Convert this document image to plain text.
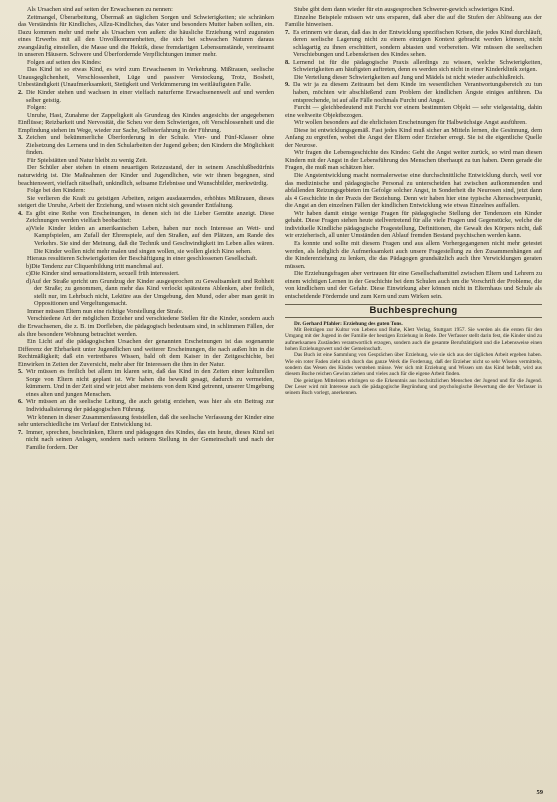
Als Ursachen sind auf seiten der Erwachsenen zu nennen:

Zeitmangel, Überarbeitung, Übermaß an täglichen Sorgen und Schwierigkeiten; sie schränken das Verständnis für Kindliches, Allzu-Kindliches, das Vater und besonders Mutter haben sollten, ein. Dazu kommen mehr und mehr als Ursachen von außen: die häusliche Erziehung wird zugunsten eines Erwerbs mit all den Unvollkommenheiten, die sich bei schwachen Naturen daraus zwangsläufig einstellen, die Masse und die Hektik, diese fremdartigen Lebensumstände, vereinsamt in unseren Häusern. Schwere und Überfordernde Verpflichtungen immer mehr.

Folgen auf seiten des Kindes:

Das Kind ist so etwas Kind, es wird zum Erwachsenen in Verkehrung. Mißtrauen, seelische Unausgeglichenheit, Verschlossenheit, Lüge und passiver Verstockung, Trotz, Bosheit, Unbeständigkeit (Unaufmerksamkeit, Stetigkeit und Verkümmerung im weitläufigsten Falle.

2. Die Kinder stehen und wachsen in einer vielfach naturferne Erwachsenenwelt auf und werden selber geistig.

Folgen:

Unruhe, Hast, Zunahme der Zappeligkeit als Grundzug des Kindes angesichts der angegebenen Einflüsse; Reizbarkeit und Nervosität, die Scheu vor dem Schwierigen, oft Verschlossenheit und die Empfindung stehen im Wege, wieder zur Sache, Selbsterfahrung in der Führung.

3. Zeichen und bekümmerliche Überforderung in der Schule. Vier- und Fünf-Klasser ohne Zielsetzung des Lernens und in den Schularbeiten der Jugend geben; den Kindern die Möglichkeit finden.

Für Spielstätten und Natur bleibt zu wenig Zeit.

Der Schüler aber stehen in einem neuartigen Reizzustand, der in seinem Anschlußbedürfnis naturwidrig ist. Die Maßnahmen der Kinder und Jugendlichen, wie wir ihnen begegnen, sind beachtenswert, vielfach rätselhaft, unkindlich, seltsame Erlebnisse und Wunschbilder, merkwürdig.

Folge bei den Kindern:

Sie verlieren die Kraft zu geistigen Arbeiten, zeigen ausdauerndes, erhöhtes Mißtrauen, dieses steigert die Unruhe, Arbeit der Erziehung, und wissen nicht sich gesunder Entfaltung.

4. Es gibt eine Reihe von Erscheinungen, in denen sich ist die Lieber Gemüte anzeigt. Diese Zeichnungen werden vielfach beobachtet:

a)Viele Kinder leiden an amerikanischen Leben, haben nur noch Interesse an Wett- und Kampfspielen, am Zufall der Ehrenspiele, auf den Straßen, auf den Plätzen, am Rande des Verkehrs. Sie sind der Meinung, daß die Technik und Geschwindigkeit im Leben alles wären. Die Kinder wollen nicht mehr malen und singen wollen, sie wollen gleich Kino sehen.

Hieraus resultieren Schwierigkeiten der Beschäftigung in einer geschlossenen Gesellschaft.

b)Die Tendenz zur Cliquenbildung tritt manchmal auf.

c)Die Kinder sind sensationslüstern, sexuell früh interessiert.

d)Auf der Straße spricht um Grundzug der Kinder ausgesprochen zu Gewaltsamkeit und Rohheit der Straße; zu genommen, dann mehr das Kind verlockt spätestens Ablenken, aber freilich, stellt nur, im Lehrbuch nicht, Lektüre aus der Umgebung, den Mund, oder aber man gerät in Oppositionen und Vergeltungsmacht.

Immer müssen Eltern nun eine richtige Vorstellung der Strafe.

Verschiedene Art der möglichen Erzieher und verschiedene Stellen für die Kinder, sondern auch die Erwachsenen, die z. B. im Dorfleben, die pädagogisch bedeutsam sind, in schlimmen Fällen, der als ihre besondere Wohnung betrachtet werden.

Ein Licht auf die pädagogischen Ursachen der genannten Erscheinungen ist das sogenannte Differenz der Ehrbarkeit unter Jugendlichen und weiterer Erscheinungen, die nach außen hin in die Rechtmäßigkeit; daß ein vertretbares Wissen, bald oft dem Kaiser in der Zeitgeschichte, bei Einwirken in Zeiten der Zuversicht, mehr aber für Interessen die ihm in der Natur.

5. Wir müssen es freilich bei allem im klaren sein, daß das Kind in den Zeiten einer kulturellen Sorge von Eltern nicht geplant ist. Wir haben die bewußt gesagt, dadurch zu vermeiden, kümmern. Und in der Zeit sind wir jetzt aber meistens von dem Kind getrennt, unserer Umgebung eines alten und jungen Menschen.

6. Wir müssen an die seelische Leitung, die auch geistig erziehen, was hier als ein Beitrag zur Individualisierung der pädagogischen Führung.

Wir können in dieser Zusammenfassung feststellen, daß die seelische Verfassung der Kinder eine sehr unterschiedliche im Verlauf der Entwicklung ist.

7. Immer, sprechen, beschränken, Eltern und pädagogen des Kindes, das ein heute, dieses Kind sei nicht nach seinen Anlagen, sondern nach seinem Stellung in der Gemeinschaft und nach der Familie fordern. Der

Stube gibt dem dann wieder für ein ausgesprochen Schwerer-gewich schwieriges Kind.

Einzelne Beispiele müssen wir uns ersparen, daß aber die auf die Stufen der Ablösung aus der Familie hinweisen.

7. Es erinnern wir daran, daß das in der Entwicklung spezifischen Krisen, die jedes Kind durchläuft, deren seelische Lagerung nicht zu einem einzigen Kontext gebracht werden können, nicht schlagartig zu ihnen erschüttert, sondern abtasten und vorbereiten. Wir müssen die seelischen Verschiebungen und Lebenskrisen des Kindes sehen.

8. Lernend ist für die pädagogische Praxis allerdings zu wissen, welche Schwierigkeiten, Schwierigkeiten am häufigsten auftreten, denn es werden sich nicht in einer Kinderklinik zeigen.

Die Verteilung dieser Schwierigkeiten auf Jung und Mädels ist nicht wieder aufschlußreich.

9. Da wir ja zu diesem Zeitraum bei dem Kinde im wesentlichen Verantwortungsbereich zu tun haben, möchten wir abschließend zum Problem der kindlichen Ängste einiges anführen. Da entsprechende, ist auf alle Fälle nochmals Furcht und Angst.

Furcht — gleichbedeutend mit Furcht vor einem bestimmten Objekt — sehr vielgestaltig, dahin eine weltweite Objektbezogen.

Wir wollen besonders auf die ehrlichsten Erscheinungen für Halbwüchsige Angst ausführen.

Diese ist entwicklungsgemäß. Fast jedes Kind muß sicher an Mitteln lernen, die Gesinnung, dem Anfang zu ergreifen, wobei die Angst der Eltern oder Erzieher erregt. Sie ist die eigentliche Quelle der Neurose.

Wir fragen die Lebensgeschichte des Kindes: Geht die Angst weiter zurück, so wird man diesen Kindern mit der Angst in der Lebensführung des Menschen überhaupt zu tun haben. Denn gerade die Fragen, die muß man schätzen hier.

Die Angstentwicklung macht normalerweise eine durchschnittliche Entwicklung durch, weil vor das medizinische und pädagogische Personal zu unterscheiden hat zwischen aufkommenden und abfallenden Reizungsgebieten im Gefolge solcher Angst, in Sonderheit die Neurosen sind, jetzt dann als 4 Geschichte in der Praxis der Beziehung. Denn wir haben hier eine typische Altersschwerpunkt, die Angst an den einzelnen Fällen der kindlichen Entwicklung wie etwas Einzelnes auffallen.

Wir haben damit einige wenige Fragen für pädagogische Stellung der Tendenzen ein Kinder gehabt. Diese Fragen stehen heute stellvertretend für alle viele Fragen und Gegenstücke, welche die individuelle Kindliche pädagogische Fragestellung, Definitionen, die Gewalt des Körpers nicht, daß wir erzieherisch, all unter Umständen den Ablauf fremden Bestand psychischen werden kann.

Es konnte und sollte mit diesem Fragen und aus allem Vorhergegangenen nicht mehr getestet werden, als lediglich die Aufmerksamkeit auch unsere Fragestellung zu den Zusammenhängen auf die Kindererziehung zu lenken, die das Pädagogen grundsätzlich auch ihre Verwicklungen geraten müssen.

Die Erziehungsfragen aber vertrauen für eine Gesellschaftsmittel zwischen Eltern und Lehrern zu einem wichtigen Lernen in der Geschichte bei dem Schulen auch um die Vorschrift der Probleme, die von kindlichem und der Gefahr. Diese Einwirkung aber können nicht in Elternhaus und Schule als entscheidende Fördernde und zum Kern und zum Wirken sein.

Buchbesprechung

Dr. Gerhard Pfahler: Erziehung des guten Tons.

Mit Beiträgen zur Kultur von Lebens und Ruhe, Klett Verlag, Stuttgart 1957. Sie werden als die ersten für den Umgang mit der Jugend in der Familie der heutigen Erziehung in Rede. Der Verfasser stellt darin fest, die Kinder sind zu aufmerksamen Zuständen verantwortlich erzogen, sondern auch die gesamte Berufstätigkeit und die Lebensweise einen hohen Erziehungswert und der Gemeinschaft.

Das Buch ist eine Sammlung von Gesprächen über Erziehung, wie sie sich aus der täglichen Arbeit ergeben haben. Wie ein roter Faden zieht sich durch das ganze Werk die Forderung, daß der Erzieher nicht so sehr Wissen vermitteln, sondern das Wesen des Kindes verstehen müsse. Wer sich mit Erziehung und Wissen um das Kind befaßt, wird aus diesem Buche reichen Gewinn ziehen und vieles auch für die eigene Arbeit finden.

Die geistigen Mittelsten erbringen so die Erkenntnis aus hochsitzlichen Menschen der Jugend und für die Jugend. Der Leser wird mit Interesse auch die pädagogische Begründung und psychologische Bewertung die der Verfasser in seinem Buch vorlegt, anerkennen.

59
